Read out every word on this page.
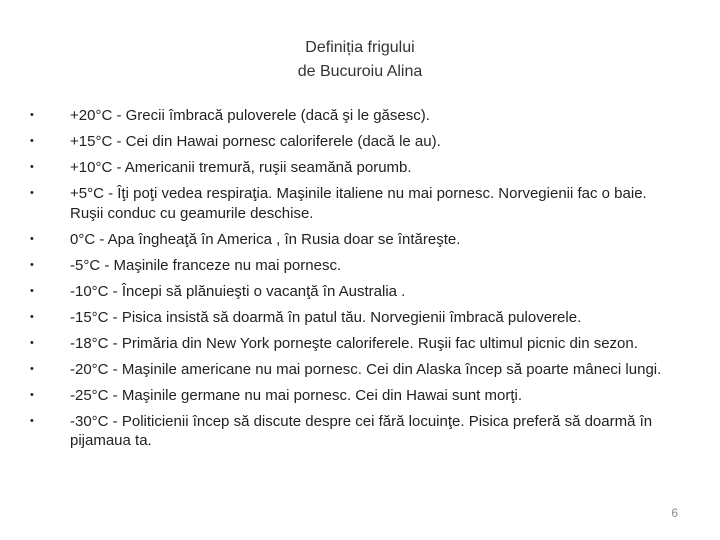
Definiția frigului
de Bucuroiu Alina
•	+20°C - Grecii îmbracă puloverele (dacă şi le găsesc).
•	+15°C - Cei din Hawai pornesc caloriferele (dacă le au).
•	+10°C - Americanii tremură, ruşii seamănă porumb.
•	+5°C - Îţi poţi vedea respiraţia. Maşinile italiene nu mai pornesc. Norvegienii fac o baie. Ruşii conduc cu geamurile deschise.
•	0°C - Apa îngheaţă în America , în Rusia doar se întăreşte.
•	-5°C - Maşinile franceze nu mai pornesc.
•	-10°C - Începi să plănuieşti o vacanţă în Australia .
•	-15°C - Pisica insistă să doarmă în patul tău. Norvegienii îmbracă puloverele.
•	-18°C - Primăria din New York porneşte caloriferele. Ruşii fac ultimul picnic din sezon.
•	-20°C - Maşinile americane nu mai pornesc. Cei din Alaska încep să poarte mâneci lungi.
•	-25°C - Maşinile germane nu mai pornesc. Cei din Hawai sunt morţi.
•	-30°C - Politicienii încep să discute despre cei fără locuinţe. Pisica preferă să doarmă în pijamaua ta.
6
